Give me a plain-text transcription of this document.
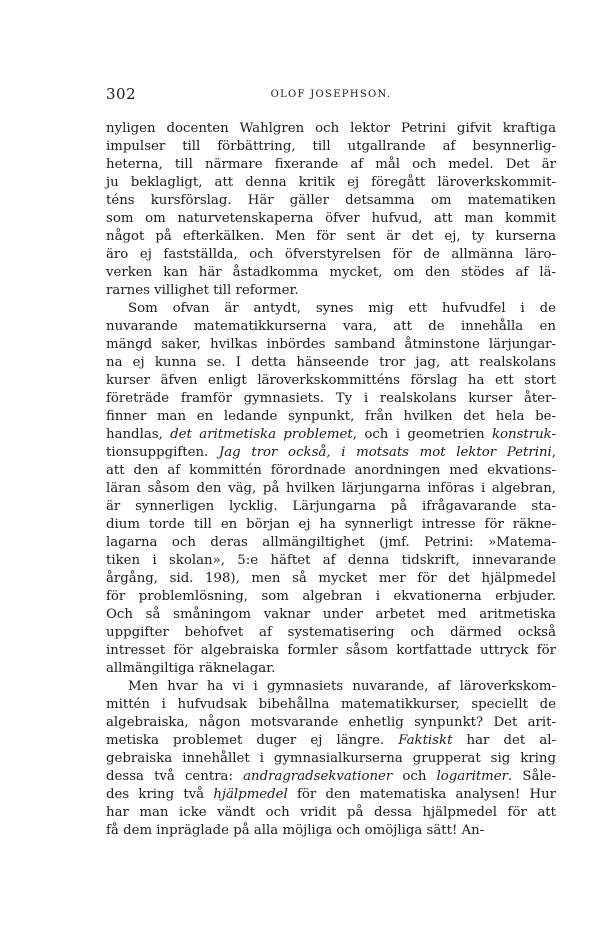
302	OLOF JOSEPHSON.
nyligen docenten Wahlgren och lektor Petrini gifvit kraftiga
impulser till förbättring, till utgallrande af besynnerlig-
heterna, till närmare fixerande af mål och medel. Det är
ju beklagligt, att denna kritik ej föregått läroverkskommit-
téns kursförslag. Här gäller detsamma om matematiken
som om naturvetenskaperna öfver hufvud, att man kommit
något på efterkälken. Men för sent är det ej, ty kurserna
äro ej fastställda, och öfverstyrelsen för de allmänna läro-
verken kan här åstadkomma mycket, om den stödes af lä-
rarnes villighet till reformer.
Som ofvan är antydt, synes mig ett hufvudfel i de
nuvarande matematikkurserna vara, att de innehålla en
mängd saker, hvilkas inbördes samband åtminstone lärjungar-
na ej kunna se. I detta hänseende tror jag, att realskolans
kurser äfven enligt läroverkskommitténs förslag ha ett stort
företräde framför gymnasiets. Ty i realskolans kurser åter-
finner man en ledande synpunkt, från hvilken det hela be-
handlas, det aritmetiska problemet, och i geometrien konstruk-
tionsuppgiften. Jag tror också, i motsats mot lektor Petrini,
att den af kommittén förordnade anordningen med ekvations-
läran såsom den väg, på hvilken lärjungarna införas i algebran,
är synnerligen lycklig. Lärjungarna på ifrågavarande sta-
dium torde till en början ej ha synnerligt intresse för räkne-
lagarna och deras allmängiltighet (jmf. Petrini: »Matema-
tiken i skolan», 5:e häftet af denna tidskrift, innevarande
årgång, sid. 198), men så mycket mer för det hjälpmedel
för problemlösning, som algebran i ekvationerna erbjuder.
Och så småningom vaknar under arbetet med aritmetiska
uppgifter behofvet af systematisering och därmed också
intresset för algebraiska formler såsom kortfattade uttryck för
allmängiltiga räknelagar.
Men hvar ha vi i gymnasiets nuvarande, af läroverkskom-
mittén i hufvudsak bibehållna matematikkurser, speciellt de
algebraiska, någon motsvarande enhetlig synpunkt? Det arit-
metiska problemet duger ej längre. Faktiskt har det al-
gebraiska innehållet i gymnasialkurserna grupperat sig kring
dessa två centra: andragradsekvationer och logaritmer. Såle-
des kring två hjälpmedel för den matematiska analysen! Hur
har man icke vändt och vridit på dessa hjälpmedel för att
få dem inpräglade på alla möjliga och omöjliga sätt! An-
